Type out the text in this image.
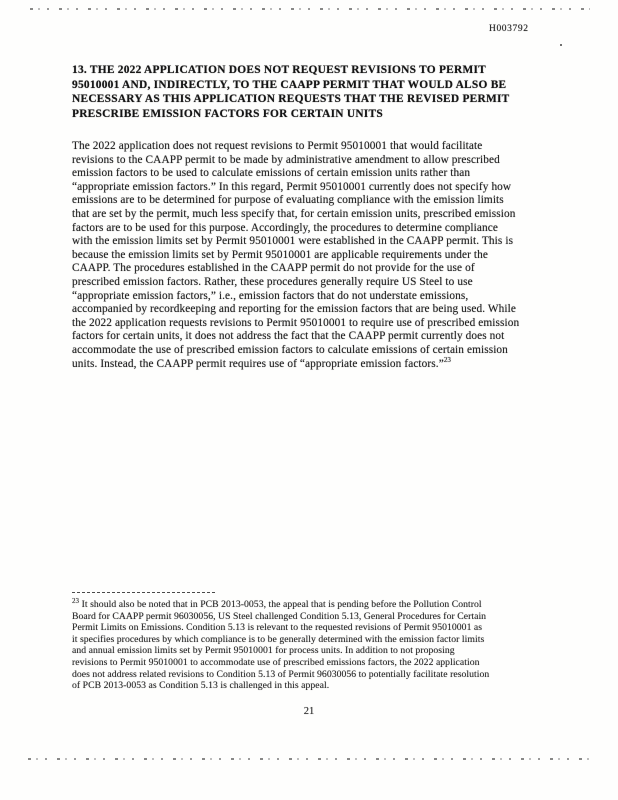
H003792
13. THE 2022 APPLICATION DOES NOT REQUEST REVISIONS TO PERMIT
95010001 AND, INDIRECTLY, TO THE CAAPP PERMIT THAT WOULD ALSO BE
NECESSARY AS THIS APPLICATION REQUESTS THAT THE REVISED PERMIT
PRESCRIBE EMISSION FACTORS FOR CERTAIN UNITS
The 2022 application does not request revisions to Permit 95010001 that would facilitate
revisions to the CAAPP permit to be made by administrative amendment to allow prescribed
emission factors to be used to calculate emissions of certain emission units rather than
“appropriate emission factors.” In this regard, Permit 95010001 currently does not specify how
emissions are to be determined for purpose of evaluating compliance with the emission limits
that are set by the permit, much less specify that, for certain emission units, prescribed emission
factors are to be used for this purpose. Accordingly, the procedures to determine compliance
with the emission limits set by Permit 95010001 were established in the CAAPP permit. This is
because the emission limits set by Permit 95010001 are applicable requirements under the
CAAPP. The procedures established in the CAAPP permit do not provide for the use of
prescribed emission factors. Rather, these procedures generally require US Steel to use
“appropriate emission factors,” i.e., emission factors that do not understate emissions,
accompanied by recordkeeping and reporting for the emission factors that are being used. While
the 2022 application requests revisions to Permit 95010001 to require use of prescribed emission
factors for certain units, it does not address the fact that the CAAPP permit currently does not
accommodate the use of prescribed emission factors to calculate emissions of certain emission
units. Instead, the CAAPP permit requires use of “appropriate emission factors.”$^{23}$
$^{23}$ It should also be noted that in PCB 2013-0053, the appeal that is pending before the Pollution Control
Board for CAAPP permit 96030056, US Steel challenged Condition 5.13, General Procedures for Certain
Permit Limits on Emissions. Condition 5.13 is relevant to the requested revisions of Permit 95010001 as
it specifies procedures by which compliance is to be generally determined with the emission factor limits
and annual emission limits set by Permit 95010001 for process units. In addition to not proposing
revisions to Permit 95010001 to accommodate use of prescribed emissions factors, the 2022 application
does not address related revisions to Condition 5.13 of Permit 96030056 to potentially facilitate resolution
of PCB 2013-0053 as Condition 5.13 is challenged in this appeal.
21
